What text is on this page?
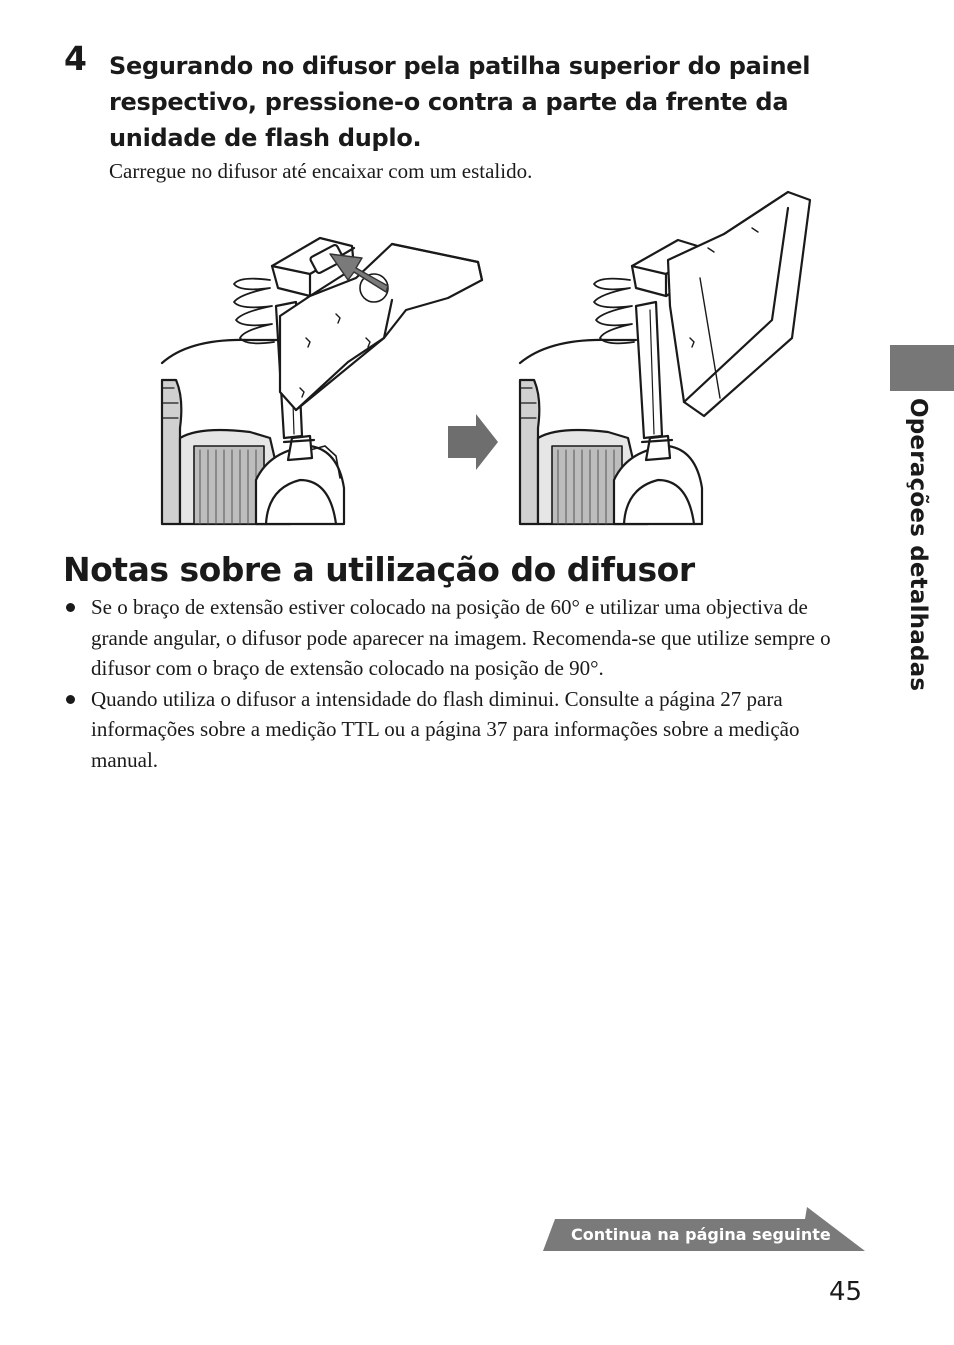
4 Segurando no difusor pela patilha superior do painel respectivo, pressione-o contra a parte da frente da unidade de flash duplo.
Carregue no difusor até encaixar com um estalido.
Notas sobre a utilização do difusor
Se o braço de extensão estiver colocado na posição de 60° e utilizar uma objectiva de grande angular, o difusor pode aparecer na imagem. Recomenda-se que utilize sempre o difusor com o braço de extensão colocado na posição de 90°.
Quando utiliza o difusor a intensidade do flash diminui. Consulte a página 27 para informações sobre a medição TTL ou a página 37 para informações sobre a medição manual.
Operações detalhadas
Continua na página seguinte
45
